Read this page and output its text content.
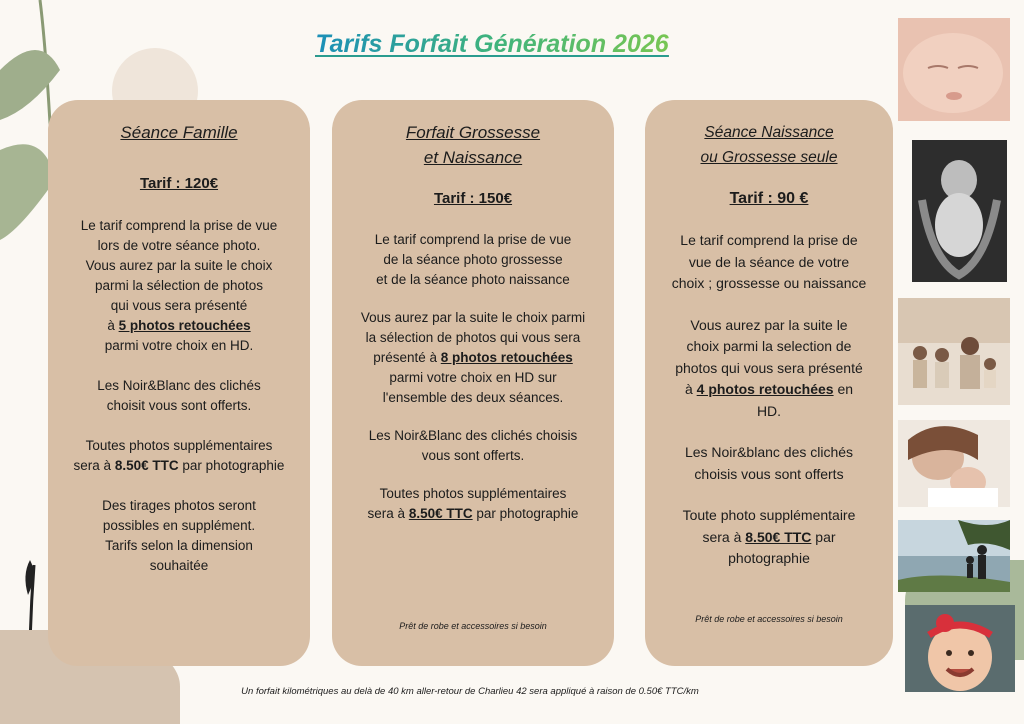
Tarifs Forfait Génération 2026

Séance Famille

Tarif : 120€

Le tarif comprend la prise de vue

lors de votre séance photo.

Vous aurez par la suite le choix

parmi la sélection de photos

qui vous sera présenté

à 5 photos retouchées

parmi votre choix en HD.

Les Noir&Blanc des clichés

choisit vous sont offerts.

Toutes photos supplémentaires

sera à 8.50€ TTC par photographie

Des tirages photos seront

possibles en supplément.

Tarifs selon la dimension

souhaitée

Forfait Grossesse

et Naissance

Tarif : 150€

Le tarif comprend la prise de vue

de la séance photo grossesse

et de la séance photo naissance

Vous aurez par la suite le choix parmi

la sélection de photos qui vous sera

présenté à 8 photos retouchées

parmi votre choix en HD sur

l'ensemble des deux séances.

Les Noir&Blanc des clichés choisis

vous sont offerts.

Toutes photos supplémentaires

sera à 8.50€ TTC par photographie

Prêt de robe et accessoires si besoin

Séance Naissance

ou Grossesse seule

Tarif : 90 €

Le tarif comprend la prise de

vue de la séance de votre

choix ; grossesse ou naissance

Vous aurez par la suite le

choix parmi la selection de

photos qui vous sera présenté

à 4 photos retouchées en

HD.

Les Noir&blanc des clichés

choisis vous sont offerts

Toute photo supplémentaire

sera à 8.50€ TTC par

photographie

Prêt de robe et accessoires si besoin

Un forfait kilométriques au delà de 40 km aller-retour de Charlieu 42 sera appliqué à raison de 0.50€ TTC/km
